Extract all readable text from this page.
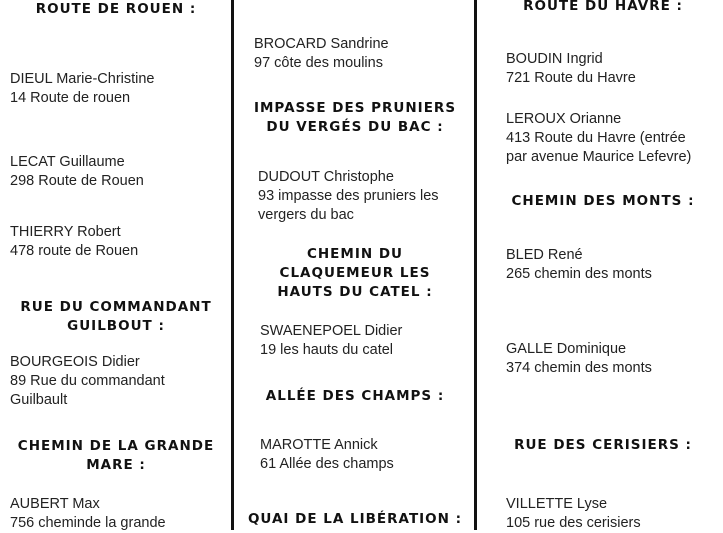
ROUTE DE ROUEN :
DIEUL Marie-Christine
14 Route de rouen
LECAT Guillaume
298 Route de Rouen
THIERRY Robert
478 route de Rouen
RUE DU COMMANDANT
GUILBOUT :
BOURGEOIS Didier
89 Rue du commandant
Guilbault
CHEMIN DE LA GRANDE
MARE :
AUBERT Max
756 cheminde la grande
BROCARD Sandrine
97 côte des moulins
IMPASSE DES PRUNIERS
DU VERGÉS DU BAC :
DUDOUT Christophe
93 impasse des pruniers les
vergers du bac
CHEMIN DU
CLAQUEMEUR LES
HAUTS DU CATEL :
SWAENEPOEL Didier
19 les hauts du catel
ALLÉE DES CHAMPS :
MAROTTE Annick
61 Allée des champs
QUAI DE LA LIBÉRATION :
ROUTE DU HAVRE :
BOUDIN Ingrid
721 Route du Havre
LEROUX Orianne
413 Route du Havre (entrée
par avenue Maurice Lefevre)
CHEMIN DES MONTS :
BLED René
265 chemin des monts
GALLE Dominique
374 chemin des monts
RUE DES CERISIERS :
VILLETTE Lyse
105 rue des cerisiers
